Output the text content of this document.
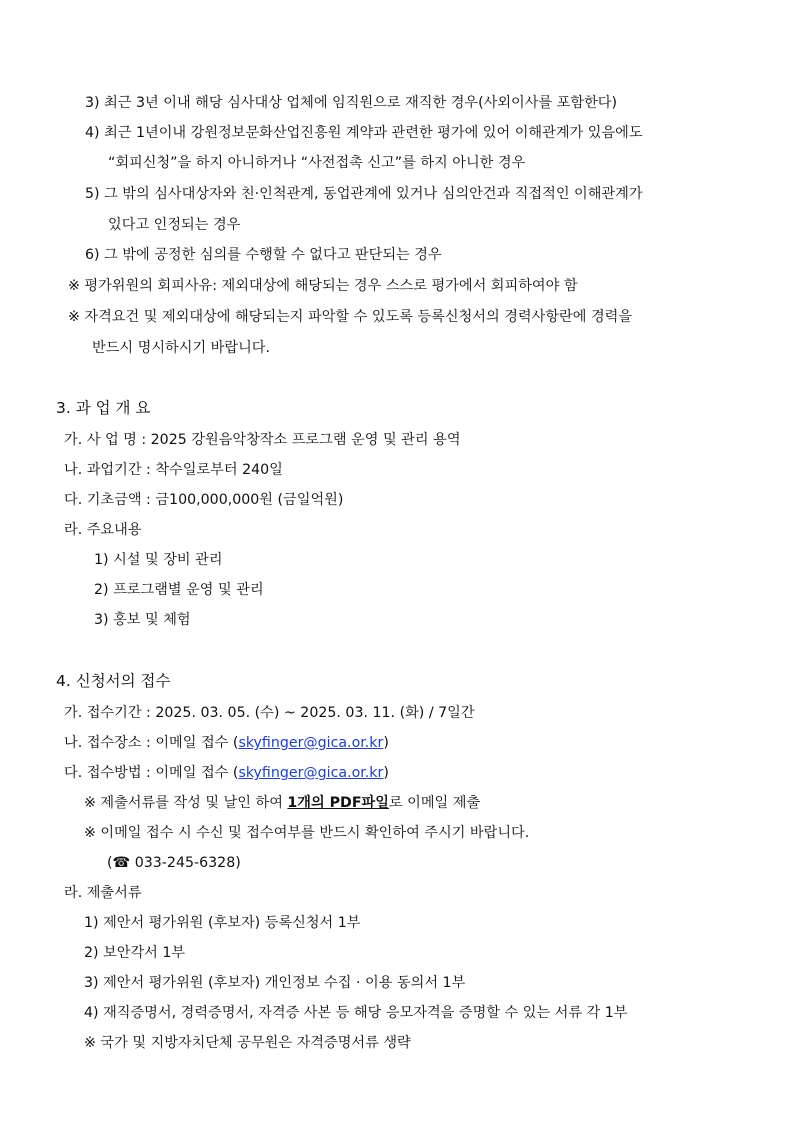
3) 최근 3년 이내 해당 심사대상 업체에 임직원으로 재직한 경우(사외이사를 포함한다)
4) 최근 1년이내 강원정보문화산업진흥원 계약과 관련한 평가에 있어 이해관계가 있음에도
“회피신청”을 하지 아니하거나 “사전접촉 신고”를 하지 아니한 경우
5) 그 밖의 심사대상자와 친·인척관계, 동업관계에 있거나 심의안건과 직접적인 이해관계가
있다고 인정되는 경우
6) 그 밖에 공정한 심의를 수행할 수 없다고 판단되는 경우
※ 평가위원의 회피사유: 제외대상에 해당되는 경우 스스로 평가에서 회피하여야 함
※ 자격요건 및 제외대상에 해당되는지 파악할 수 있도록 등록신청서의 경력사항란에 경력을
반드시 명시하시기 바랍니다.
3. 과 업 개 요
가. 사 업 명 : 2025 강원음악창작소 프로그램 운영 및 관리 용역
나. 과업기간 : 착수일로부터 240일
다. 기초금액 : 금100,000,000원 (금일억원)
라. 주요내용
1) 시설 및 장비 관리
2) 프로그램별 운영 및 관리
3) 홍보 및 체험
4. 신청서의 접수
가. 접수기간 : 2025. 03. 05. (수) ~ 2025. 03. 11. (화) / 7일간
나. 접수장소 : 이메일 접수 (skyfinger@gica.or.kr)
다. 접수방법 : 이메일 접수 (skyfinger@gica.or.kr)
※ 제출서류를 작성 및 날인 하여 1개의 PDF파일로 이메일 제출
※ 이메일 접수 시 수신 및 접수여부를 반드시 확인하여 주시기 바랍니다.
(☎ 033-245-6328)
라. 제출서류
1) 제안서 평가위원 (후보자) 등록신청서 1부
2) 보안각서 1부
3) 제안서 평가위원 (후보자) 개인정보 수집 · 이용 동의서 1부
4) 재직증명서, 경력증명서, 자격증 사본 등 해당 응모자격을 증명할 수 있는 서류 각 1부
※ 국가 및 지방자치단체 공무원은 자격증명서류 생략
